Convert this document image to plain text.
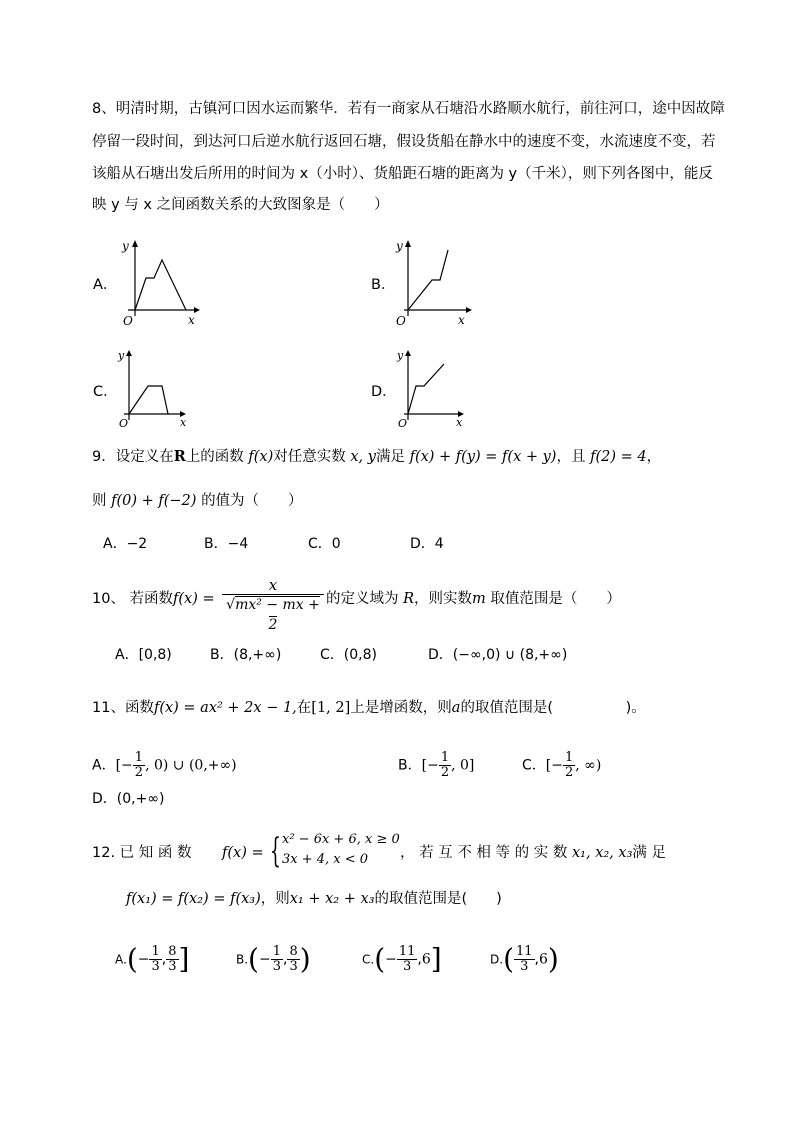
8、明清时期，古镇河口因水运而繁华．若有一商家从石塘沿水路顺水航行，前往河口，途中因故障
停留一段时间，到达河口后逆水航行返回石塘，假设货船在静水中的速度不变，水流速度不变，若
该船从石塘出发后所用的时间为 x（小时）、货船距石塘的距离为 y（千米），则下列各图中，能反
映 y 与 x 之间函数关系的大致图象是（　　）
A．
y
x
O
B．
y
x
O
C．
y
x
O
D．
y
x
O
9．设定义在R上的函数 f(x)对任意实数 x, y满足 f(x) + f(y) = f(x + y)，且 f(2) = 4，
则 f(0) + f(−2) 的值为（　　）
A．−2	B．−4	C．0	D．4
10、 若函数 $f(x) = \frac{x}{\text{√mx² − mx + 2}}$ 的定义域为 R，则实数m 取值范围是（　　）
A．[0,8)	B．(8,+∞)	C．(0,8)	D．(−∞,0) ∪ (8,+∞)
11、函数f(x) = ax² + 2x − 1,在[1, 2]上是增函数，则a的取值范围是(　　　　　)。
A．[− $\frac{1}{2}$ , 0) ∪ (0,+∞)	B．[− $\frac{1}{2}$ , 0]	C．[− $\frac{1}{2}$ , ∞)
D．(0,+∞)
12. 已 知 函 数 f(x) = { x² − 6x + 6, x ≥ 0
3x + 4, x < 0 ， 若 互 不 相 等 的 实 数 x₁, x₂, x₃满 足
f(x₁) = f(x₂) = f(x₃)，则x₁ + x₂ + x₃的取值范围是(　　)
$A.(- \frac{1}{3}$ , $\frac{8}{3}$ ]	$B.(- \frac{1}{3}$ , $\frac{8}{3}$ )	$C.(- \frac{11}{3} ,6]$	$D.( \frac{11}{3} ,6)$
